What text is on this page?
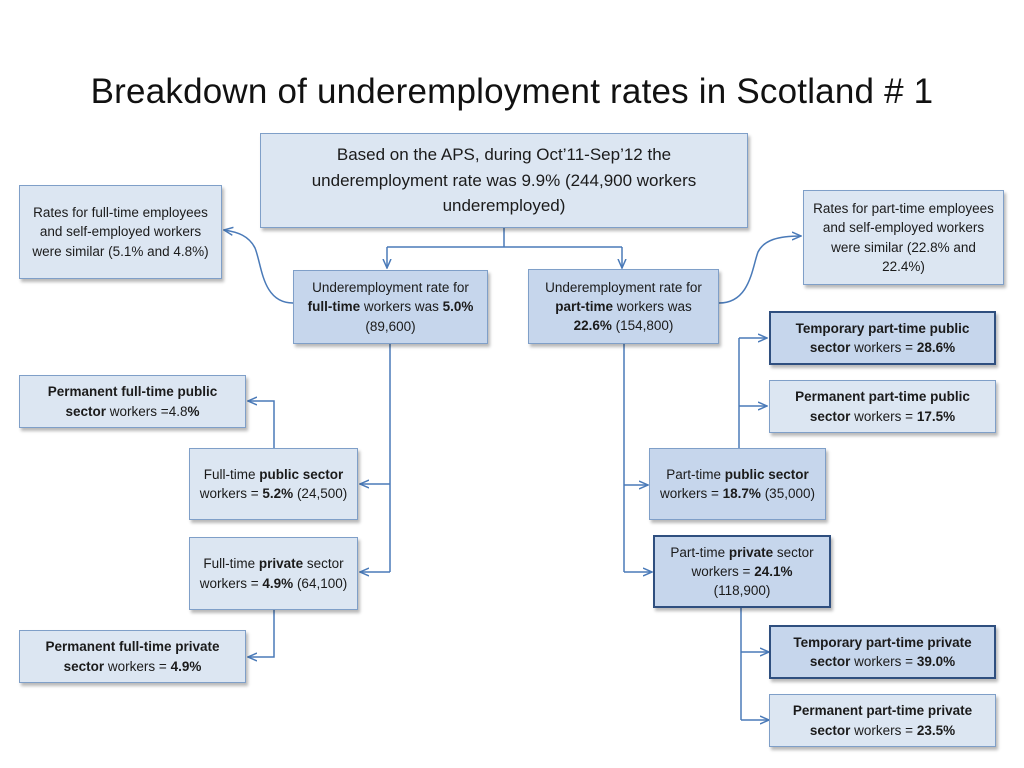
Breakdown of underemployment rates in Scotland # 1

Based on the APS, during Oct’11-Sep’12 the underemployment rate was 9.9% (244,900 workers underemployed)

Rates for full-time employees and self-employed workers were similar (5.1% and 4.8%)

Rates for part-time employees and self-employed workers were similar (22.8% and 22.4%)

Underemployment rate for full-time workers was 5.0% (89,600)

Underemployment rate for part-time workers was 22.6% (154,800)

Permanent full-time public sector workers =4.8%

Full-time public sector workers = 5.2% (24,500)

Full-time private sector workers = 4.9% (64,100)

Permanent full-time private sector workers = 4.9%

Temporary part-time public sector workers = 28.6%

Permanent part-time public sector workers = 17.5%

Part-time public sector workers = 18.7% (35,000)

Part-time private sector workers = 24.1% (118,900)

Temporary part-time private sector workers = 39.0%

Permanent part-time private sector workers = 23.5%
